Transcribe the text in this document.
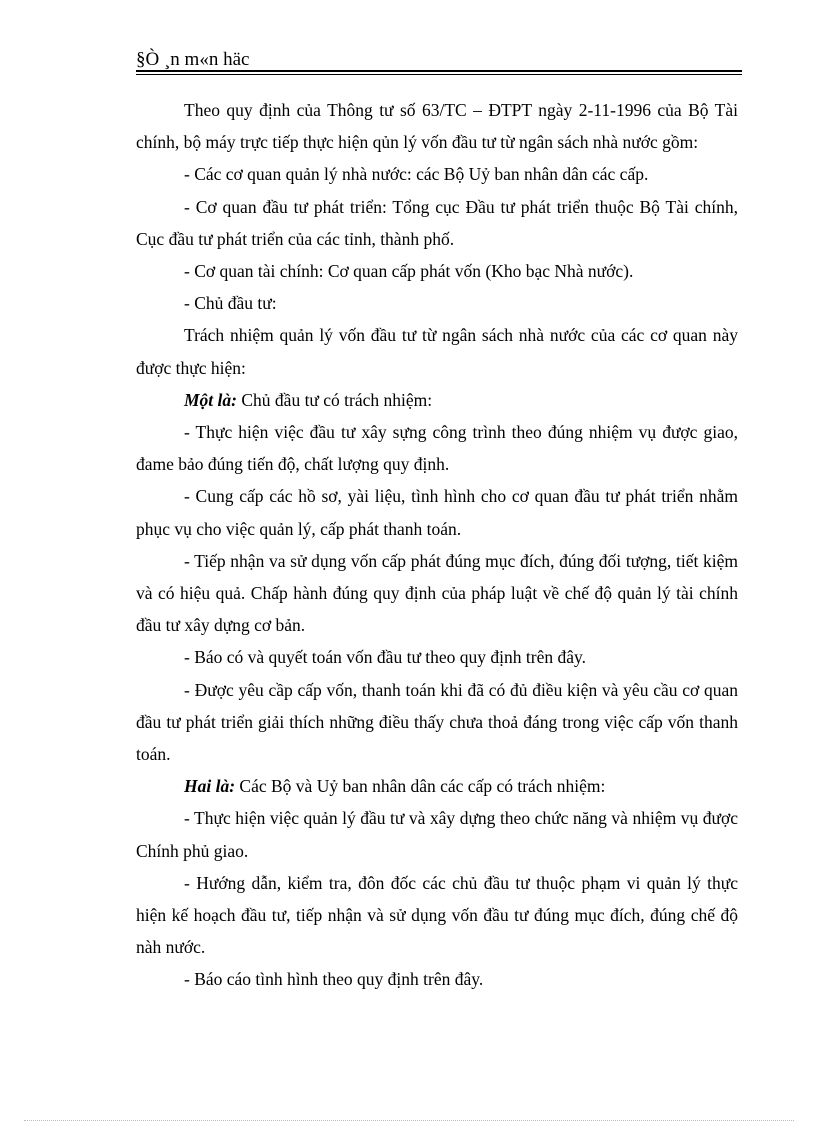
§Ò ¸n m«n häc

Theo quy định của Thông tư số 63/TC – ĐTPT ngày 2-11-1996 của Bộ Tài chính, bộ máy trực tiếp thực hiện qủn lý vốn đầu tư từ ngân sách nhà nước gồm:

- Các cơ quan quản lý nhà nước: các Bộ Uỷ ban nhân dân các cấp.

- Cơ quan đầu tư phát triển: Tổng cục Đầu tư phát triển thuộc Bộ Tài chính, Cục đầu tư phát triển của các tỉnh, thành phố.

- Cơ quan tài chính: Cơ quan cấp phát vốn (Kho bạc Nhà nước).

- Chủ đầu tư:

Trách nhiệm quản lý vốn đầu tư từ ngân sách nhà nước của các cơ quan này được thực hiện:

Một là: Chủ đầu tư có trách nhiệm:

- Thực hiện việc đầu tư xây sựng công trình theo đúng nhiệm vụ được giao, đame bảo đúng tiến độ, chất lượng quy định.

- Cung cấp các hồ sơ, yài liệu, tình hình cho cơ quan đầu tư phát triển nhằm phục vụ cho việc quản lý, cấp phát thanh toán.

- Tiếp nhận va sử dụng vốn cấp phát đúng mục đích, đúng đối tượng, tiết kiệm và có hiệu quả. Chấp hành đúng quy định của pháp luật về chế độ quản lý tài chính đầu tư xây dựng cơ bản.

- Báo có và quyết toán vốn đầu tư theo quy định trên đây.

- Được yêu cầp cấp vốn, thanh toán khi đã có đủ điều kiện và yêu cầu cơ quan đầu tư phát triển giải thích những điều thấy chưa thoả đáng trong việc cấp vốn thanh toán.

Hai là: Các Bộ và Uỷ ban nhân dân các cấp có trách nhiệm:

- Thực hiện việc quản lý đầu tư và xây dựng theo chức năng và nhiệm vụ được Chính phủ giao.

- Hướng dẫn, kiểm tra, đôn đốc các chủ đầu tư thuộc phạm vi quản lý thực hiện kế hoạch đầu tư, tiếp nhận và sử dụng vốn đầu tư đúng mục đích, đúng chế độ nàh nước.

- Báo cáo tình hình theo quy định trên đây.
